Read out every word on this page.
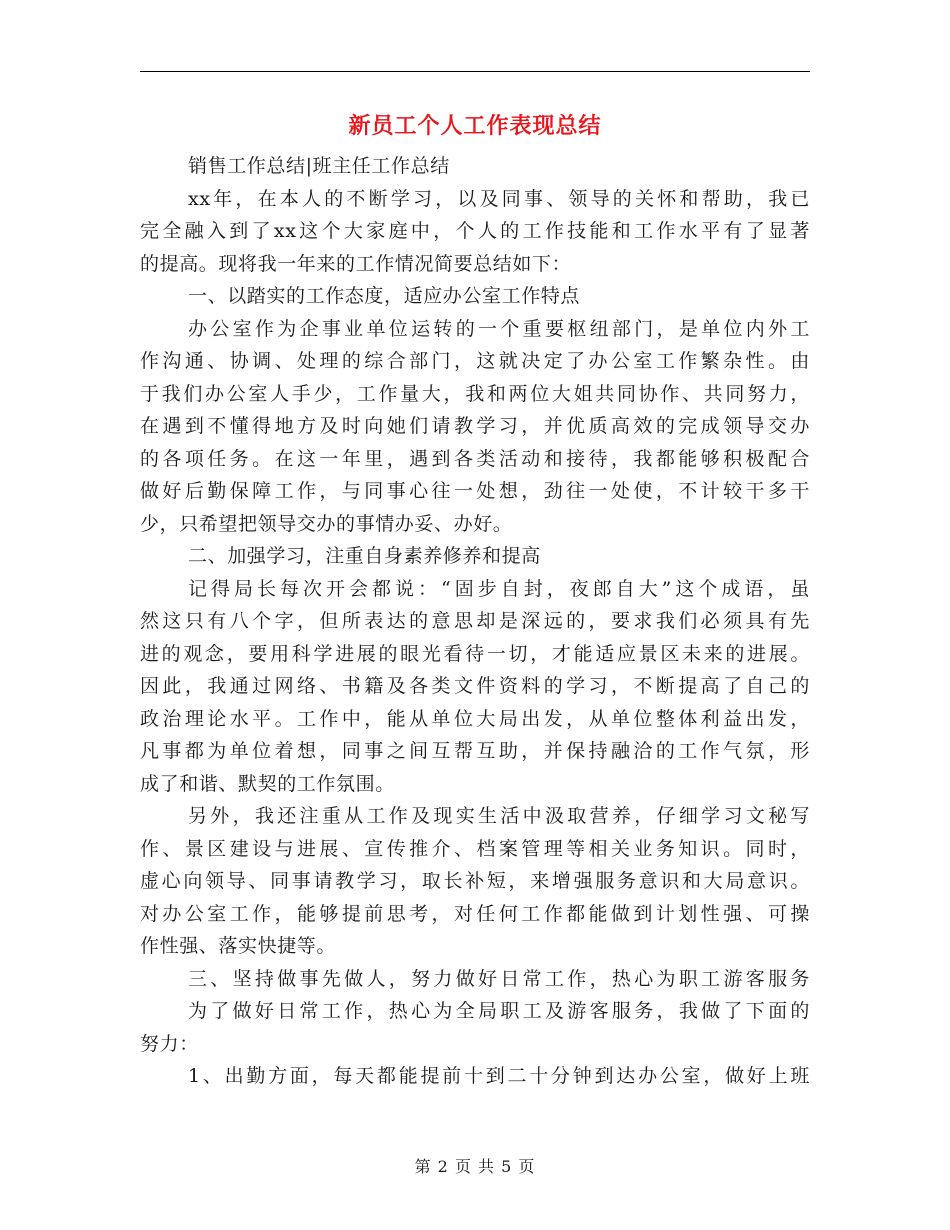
新员工个人工作表现总结
销售工作总结|班主任工作总结
xx年，在本人的不断学习，以及同事、领导的关怀和帮助，我已
完全融入到了xx这个大家庭中，个人的工作技能和工作水平有了显著
的提高。现将我一年来的工作情况简要总结如下：
一、以踏实的工作态度，适应办公室工作特点
办公室作为企事业单位运转的一个重要枢纽部门，是单位内外工
作沟通、协调、处理的综合部门，这就决定了办公室工作繁杂性。由
于我们办公室人手少，工作量大，我和两位大姐共同协作、共同努力，
在遇到不懂得地方及时向她们请教学习，并优质高效的完成领导交办
的各项任务。在这一年里，遇到各类活动和接待，我都能够积极配合
做好后勤保障工作，与同事心往一处想，劲往一处使，不计较干多干
少，只希望把领导交办的事情办妥、办好。
二、加强学习，注重自身素养修养和提高
记得局长每次开会都说：“固步自封，夜郎自大”这个成语，虽
然这只有八个字，但所表达的意思却是深远的，要求我们必须具有先
进的观念，要用科学进展的眼光看待一切，才能适应景区未来的进展。
因此，我通过网络、书籍及各类文件资料的学习，不断提高了自己的
政治理论水平。工作中，能从单位大局出发，从单位整体利益出发，
凡事都为单位着想，同事之间互帮互助，并保持融洽的工作气氛，形
成了和谐、默契的工作氛围。
另外，我还注重从工作及现实生活中汲取营养，仔细学习文秘写
作、景区建设与进展、宣传推介、档案管理等相关业务知识。同时，
虚心向领导、同事请教学习，取长补短，来增强服务意识和大局意识。
对办公室工作，能够提前思考，对任何工作都能做到计划性强、可操
作性强、落实快捷等。
三、坚持做事先做人，努力做好日常工作，热心为职工游客服务
为了做好日常工作，热心为全局职工及游客服务，我做了下面的
努力：
1、出勤方面，每天都能提前十到二十分钟到达办公室，做好上班
第 2 页 共 5 页
